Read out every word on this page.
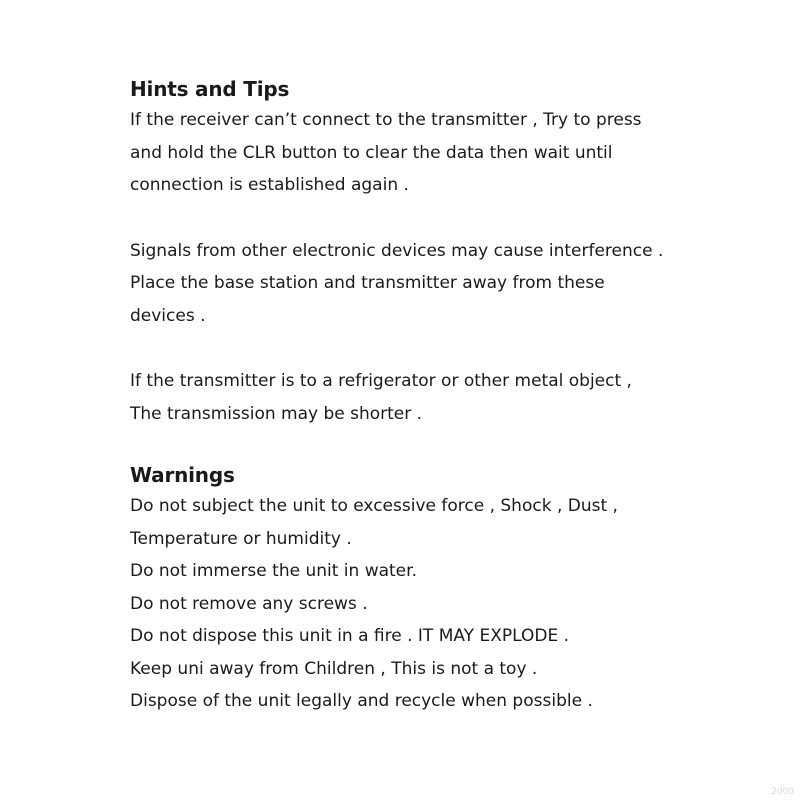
Hints and Tips

If the receiver can’t connect to the transmitter , Try to press
and hold the CLR button to clear the data then wait until
connection is established again .

Signals from other electronic devices may cause interference .
Place the base station and transmitter away from these
devices .

If the transmitter is to a refrigerator or other metal object ,
The transmission may be shorter .

Warnings

Do not subject the unit to excessive force , Shock , Dust ,
Temperature or humidity .
Do not immerse the unit in water.
Do not remove any screws .
Do not dispose this unit in a fire . IT MAY EXPLODE .
Keep uni away from Children , This is not a toy .
Dispose of the unit legally and recycle when possible .

2000
